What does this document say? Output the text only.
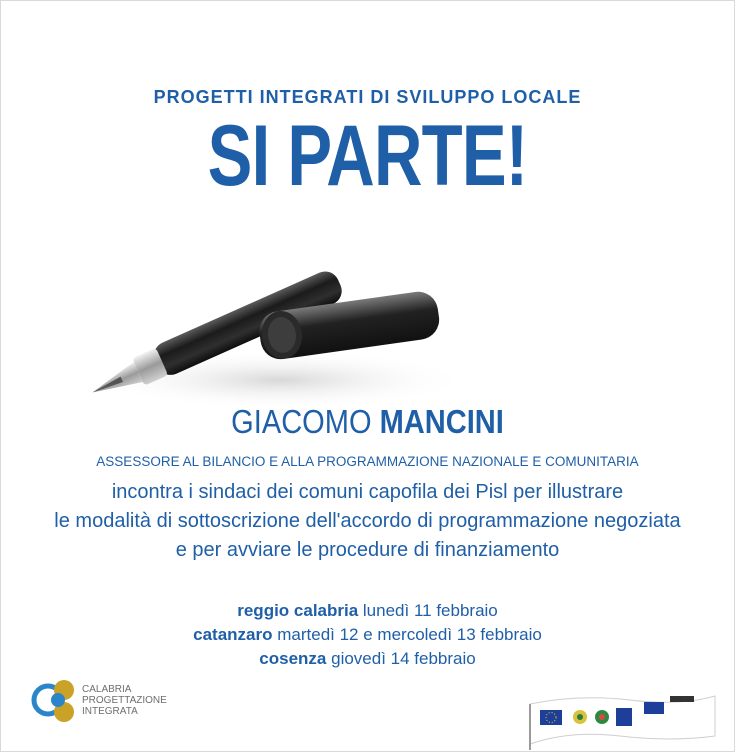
PROGETTI INTEGRATI DI SVILUPPO LOCALE
SI PARTE!
GIACOMO MANCINI
ASSESSORE AL BILANCIO E ALLA PROGRAMMAZIONE NAZIONALE E COMUNITARIA
incontra i sindaci dei comuni capofila dei Pisl per illustrare
le modalità di sottoscrizione dell'accordo di programmazione negoziata
e per avviare le procedure di finanziamento
reggio calabria lunedì 11 febbraio
catanzaro martedì 12 e mercoledì 13 febbraio
cosenza giovedì 14 febbraio
CALABRIA
PROGETTAZIONE
INTEGRATA
